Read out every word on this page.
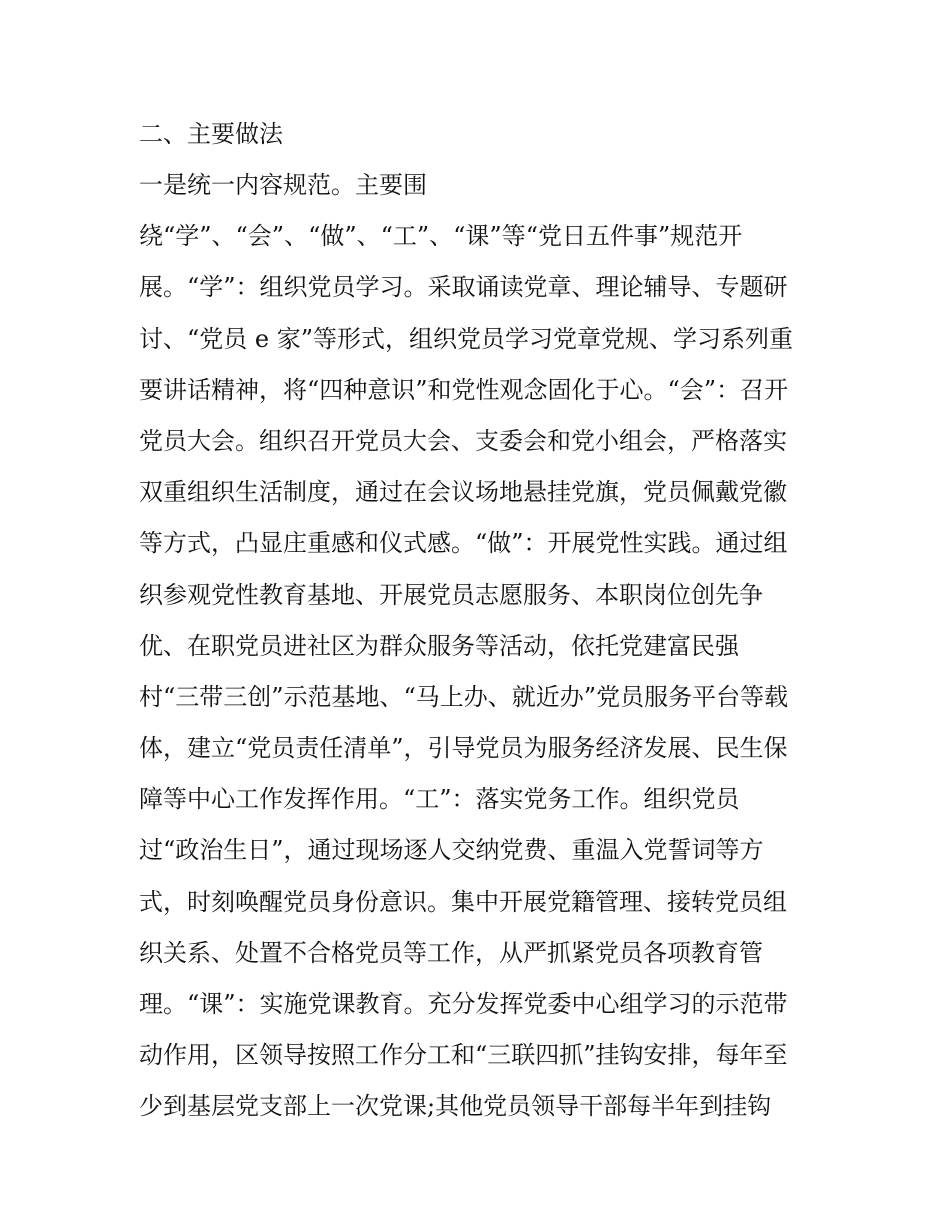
二、主要做法
一是统一内容规范。主要围
绕“学”、“会”、“做”、“工”、“课”等“党日五件事”规范开
展。“学”：组织党员学习。采取诵读党章、理论辅导、专题研
讨、“党员 e 家”等形式，组织党员学习党章党规、学习系列重
要讲话精神，将“四种意识”和党性观念固化于心。“会”：召开
党员大会。组织召开党员大会、支委会和党小组会，严格落实
双重组织生活制度，通过在会议场地悬挂党旗，党员佩戴党徽
等方式，凸显庄重感和仪式感。“做”：开展党性实践。通过组
织参观党性教育基地、开展党员志愿服务、本职岗位创先争
优、在职党员进社区为群众服务等活动，依托党建富民强
村“三带三创”示范基地、“马上办、就近办”党员服务平台等载
体，建立“党员责任清单”，引导党员为服务经济发展、民生保
障等中心工作发挥作用。“工”：落实党务工作。组织党员
过“政治生日”，通过现场逐人交纳党费、重温入党誓词等方
式，时刻唤醒党员身份意识。集中开展党籍管理、接转党员组
织关系、处置不合格党员等工作，从严抓紧党员各项教育管
理。“课”：实施党课教育。充分发挥党委中心组学习的示范带
动作用，区领导按照工作分工和“三联四抓”挂钩安排，每年至
少到基层党支部上一次党课;其他党员领导干部每半年到挂钩
